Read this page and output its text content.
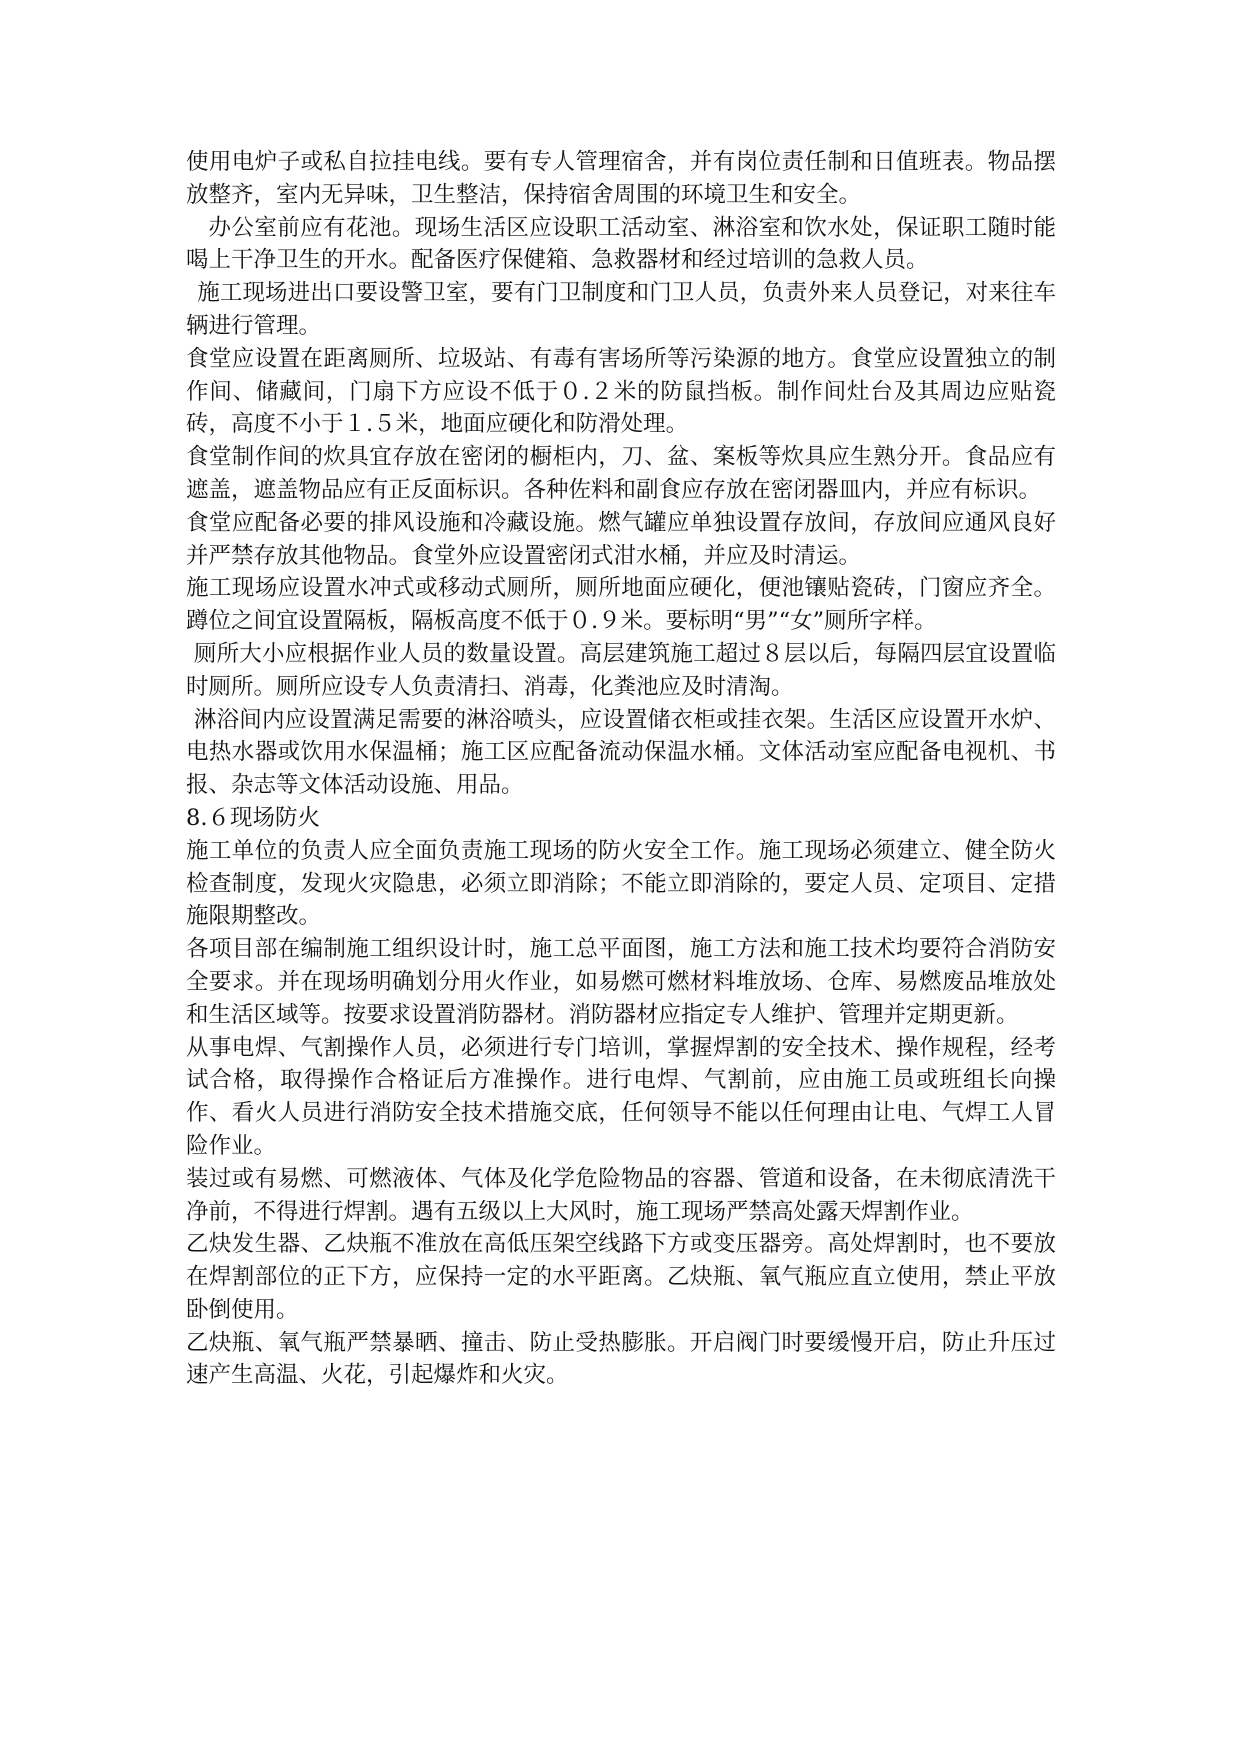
使用电炉子或私自拉挂电线。要有专人管理宿舍，并有岗位责任制和日值班表。物品摆放整齐，室内无异味，卫生整洁，保持宿舍周围的环境卫生和安全。

办公室前应有花池。现场生活区应设职工活动室、淋浴室和饮水处，保证职工随时能喝上干净卫生的开水。配备医疗保健箱、急救器材和经过培训的急救人员。

施工现场进出口要设警卫室，要有门卫制度和门卫人员，负责外来人员登记，对来往车辆进行管理。

食堂应设置在距离厕所、垃圾站、有毒有害场所等污染源的地方。食堂应设置独立的制作间、储藏间，门扇下方应设不低于０.２米的防鼠挡板。制作间灶台及其周边应贴瓷砖，高度不小于１.５米，地面应硬化和防滑处理。

食堂制作间的炊具宜存放在密闭的橱柜内，刀、盆、案板等炊具应生熟分开。食品应有遮盖，遮盖物品应有正反面标识。各种佐料和副食应存放在密闭器皿内，并应有标识。

食堂应配备必要的排风设施和冷藏设施。燃气罐应单独设置存放间，存放间应通风良好并严禁存放其他物品。食堂外应设置密闭式泔水桶，并应及时清运。

施工现场应设置水冲式或移动式厕所，厕所地面应硬化，便池镶贴瓷砖，门窗应齐全。蹲位之间宜设置隔板，隔板高度不低于０.９米。要标明“男”“女”厕所字样。

厕所大小应根据作业人员的数量设置。高层建筑施工超过８层以后，每隔四层宜设置临时厕所。厕所应设专人负责清扫、消毒，化粪池应及时清淘。

淋浴间内应设置满足需要的淋浴喷头，应设置储衣柜或挂衣架。生活区应设置开水炉、电热水器或饮用水保温桶；施工区应配备流动保温水桶。文体活动室应配备电视机、书报、杂志等文体活动设施、用品。

8.６现场防火

施工单位的负责人应全面负责施工现场的防火安全工作。施工现场必须建立、健全防火检查制度，发现火灾隐患，必须立即消除；不能立即消除的，要定人员、定项目、定措施限期整改。

各项目部在编制施工组织设计时，施工总平面图，施工方法和施工技术均要符合消防安全要求。并在现场明确划分用火作业，如易燃可燃材料堆放场、仓库、易燃废品堆放处和生活区域等。按要求设置消防器材。消防器材应指定专人维护、管理并定期更新。

从事电焊、气割操作人员，必须进行专门培训，掌握焊割的安全技术、操作规程，经考试合格，取得操作合格证后方准操作。进行电焊、气割前，应由施工员或班组长向操作、看火人员进行消防安全技术措施交底，任何领导不能以任何理由让电、气焊工人冒险作业。

装过或有易燃、可燃液体、气体及化学危险物品的容器、管道和设备，在未彻底清洗干净前，不得进行焊割。遇有五级以上大风时，施工现场严禁高处露天焊割作业。

乙炔发生器、乙炔瓶不准放在高低压架空线路下方或变压器旁。高处焊割时，也不要放在焊割部位的正下方，应保持一定的水平距离。乙炔瓶、氧气瓶应直立使用，禁止平放卧倒使用。

乙炔瓶、氧气瓶严禁暴晒、撞击、防止受热膨胀。开启阀门时要缓慢开启，防止升压过速产生高温、火花，引起爆炸和火灾。
